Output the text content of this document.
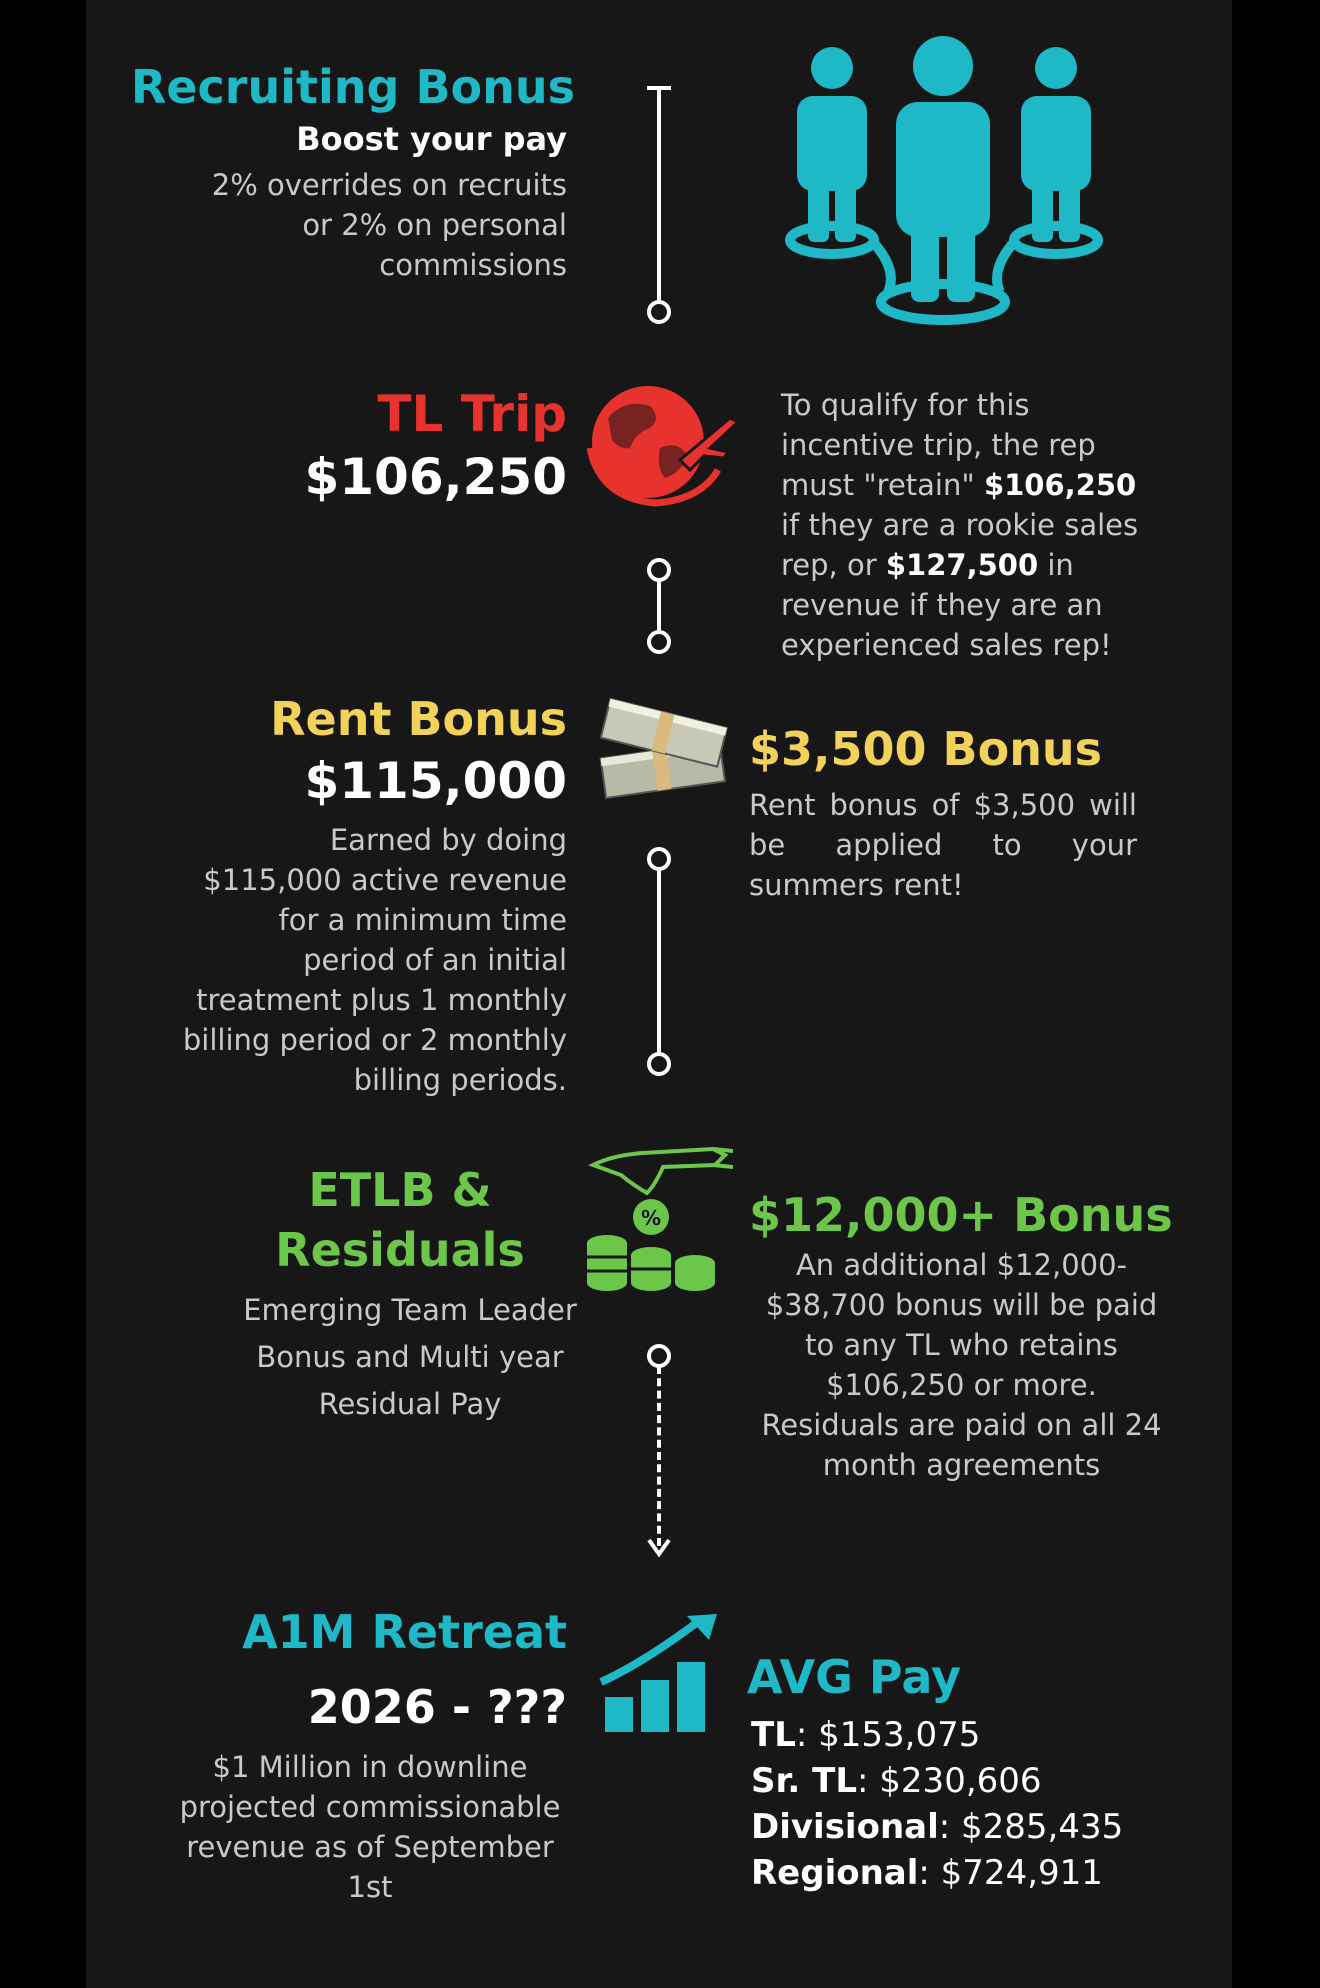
Recruiting Bonus
Boost your pay
2% overrides on recruits
or 2% on personal
commissions
TL Trip
$106,250
To qualify for this incentive trip, the rep must "retain" $106,250 if they are a rookie sales rep, or $127,500 in revenue if they are an experienced sales rep!
Rent Bonus
$115,000
Earned by doing
$115,000 active revenue
for a minimum time
period of an initial
treatment plus 1 monthly
billing period or 2 monthly
billing periods.
$3,500 Bonus
Rent bonus of $3,500 will be applied to your summers rent!
ETLB &
Residuals
Emerging Team Leader
Bonus and Multi year
Residual Pay
% $12,000+ Bonus
An additional $12,000-
$38,700 bonus will be paid
to any TL who retains
$106,250 or more.
Residuals are paid on all 24
month agreements
A1M Retreat
2026 - ???
$1 Million in downline
projected commissionable
revenue as of September
1st
AVG Pay
TL: $153,075
Sr. TL: $230,606
Divisional: $285,435
Regional: $724,911
